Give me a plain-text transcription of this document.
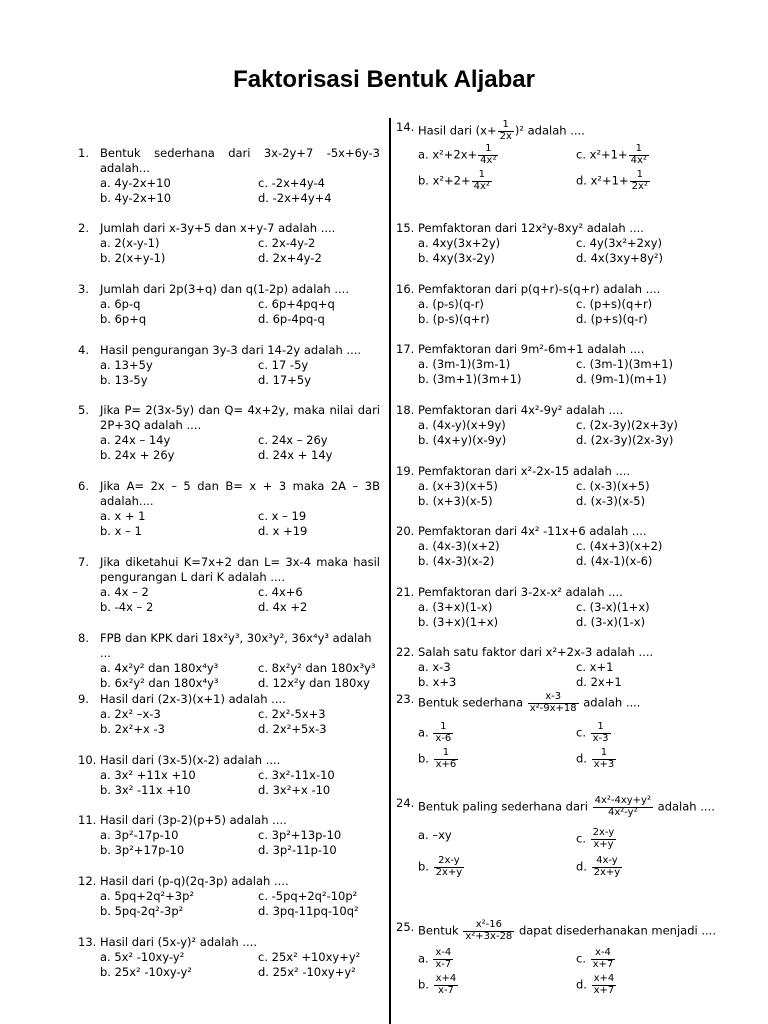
Faktorisasi Bentuk Aljabar
1. Bentuk sederhana dari 3x-2y+7 -5x+6y-3 adalah...
a. 4y-2x+10	c. -2x+4y-4
b. 4y-2x+10	d. -2x+4y+4
2. Jumlah dari x-3y+5 dan x+y-7 adalah ....
a. 2(x-y-1)	c. 2x-4y-2
b. 2(x+y-1)	d. 2x+4y-2
3. Jumlah dari 2p(3+q) dan q(1-2p) adalah ....
a. 6p-q	c. 6p+4pq+q
b. 6p+q	d. 6p-4pq-q
4. Hasil pengurangan 3y-3 dari 14-2y adalah ....
a. 13+5y	c. 17 -5y
b. 13-5y	d. 17+5y
5. Jika P= 2(3x-5y) dan Q= 4x+2y, maka nilai dari 2P+3Q adalah ....
a. 24x – 14y	c. 24x – 26y
b. 24x + 26y	d. 24x + 14y
6. Jika A= 2x – 5 dan B= x + 3 maka 2A – 3B adalah....
a. x + 1	c. x – 19
b. x – 1	d. x +19
7. Jika diketahui K=7x+2 dan L= 3x-4 maka hasil pengurangan L dari K adalah ....
a. 4x – 2	c. 4x+6
b. -4x – 2	d. 4x +2
8. FPB dan KPK dari 18x²y³, 30x³y², 36x⁴y³ adalah ...
a. 4x²y² dan 180x⁴y³	c. 8x²y² dan 180x³y³
b. 6x²y² dan 180x⁴y³	d. 12x²y dan 180xy
9. Hasil dari (2x-3)(x+1) adalah ....
a. 2x² –x-3	c. 2x²-5x+3
b. 2x²+x -3	d. 2x²+5x-3
10. Hasil dari (3x-5)(x-2) adalah ....
a. 3x² +11x +10	c. 3x²-11x-10
b. 3x² -11x +10	d. 3x²+x -10
11. Hasil dari (3p-2)(p+5) adalah ....
a. 3p²-17p-10	c. 3p²+13p-10
b. 3p²+17p-10	d. 3p²-11p-10
12. Hasil dari (p-q)(2q-3p) adalah ....
a. 5pq+2q²+3p²	c. -5pq+2q²-10p²
b. 5pq-2q²-3p²	d. 3pq-11pq-10q²
13. Hasil dari (5x-y)² adalah ....
a. 5x² -10xy-y²	c. 25x² +10xy+y²
b. 25x² -10xy-y²	d. 25x² -10xy+y²
14. Hasil dari $(x+ \frac{1}{2x} )^2$ adalah ....
a. $x^2+2x+ \frac{1}{\text{4x²}}$	c. $x^2+1+ \frac{1}{\text{4x²}}$
b. $x^2+2+ \frac{1}{\text{4x²}}$	d. $x^2+1+ \frac{1}{\text{2x²}}$
15. Pemfaktoran dari 12x²y-8xy² adalah ....
a. 4xy(3x+2y)	c. 4y(3x²+2xy)
b. 4xy(3x-2y)	d. 4x(3xy+8y²)
16. Pemfaktoran dari p(q+r)-s(q+r) adalah ....
a. (p-s)(q-r)	c. (p+s)(q+r)
b. (p-s)(q+r)	d. (p+s)(q-r)
17. Pemfaktoran dari 9m²-6m+1 adalah ....
a. (3m-1)(3m-1)	c. (3m-1)(3m+1)
b. (3m+1)(3m+1)	d. (9m-1)(m+1)
18. Pemfaktoran dari 4x²-9y² adalah ....
a. (4x-y)(x+9y)	c. (2x-3y)(2x+3y)
b. (4x+y)(x-9y)	d. (2x-3y)(2x-3y)
19. Pemfaktoran dari x²-2x-15 adalah ....
a. (x+3)(x+5)	c. (x-3)(x+5)
b. (x+3)(x-5)	d. (x-3)(x-5)
20. Pemfaktoran dari 4x² -11x+6 adalah ....
a. (4x-3)(x+2)	c. (4x+3)(x+2)
b. (4x-3)(x-2)	d. (4x-1)(x-6)
21. Pemfaktoran dari 3-2x-x² adalah ....
a. (3+x)(1-x)	c. (3-x)(1+x)
b. (3+x)(1+x)	d. (3-x)(1-x)
22. Salah satu faktor dari x²+2x-3 adalah ....
a. x-3	c. x+1
b. x+3	d. 2x+1
23. Bentuk sederhana $\frac{x-3}{\text{x²-9x+18}}$ adalah ....
a. $\frac{1}{x-6}$	c. $\frac{1}{x-3}$
b. $\frac{1}{x+6}$	d. $\frac{1}{x+3}$
24. Bentuk paling sederhana dari $\frac{\text{4x²-4xy+y²}}{\text{4x²-y²}}$ adalah ....
a. –xy	c. $\frac{2x-y}{x+y}$
b. $\frac{2x-y}{2x+y}$	d. $\frac{4x-y}{2x+y}$
25. Bentuk $\frac{\text{x²-16}}{\text{x²+3x-28}}$ dapat disederhanakan menjadi ....
a. $\frac{x-4}{x-7}$	c. $\frac{x-4}{x+7}$
b. $\frac{x+4}{x-7}$	d. $\frac{x+4}{x+7}$
